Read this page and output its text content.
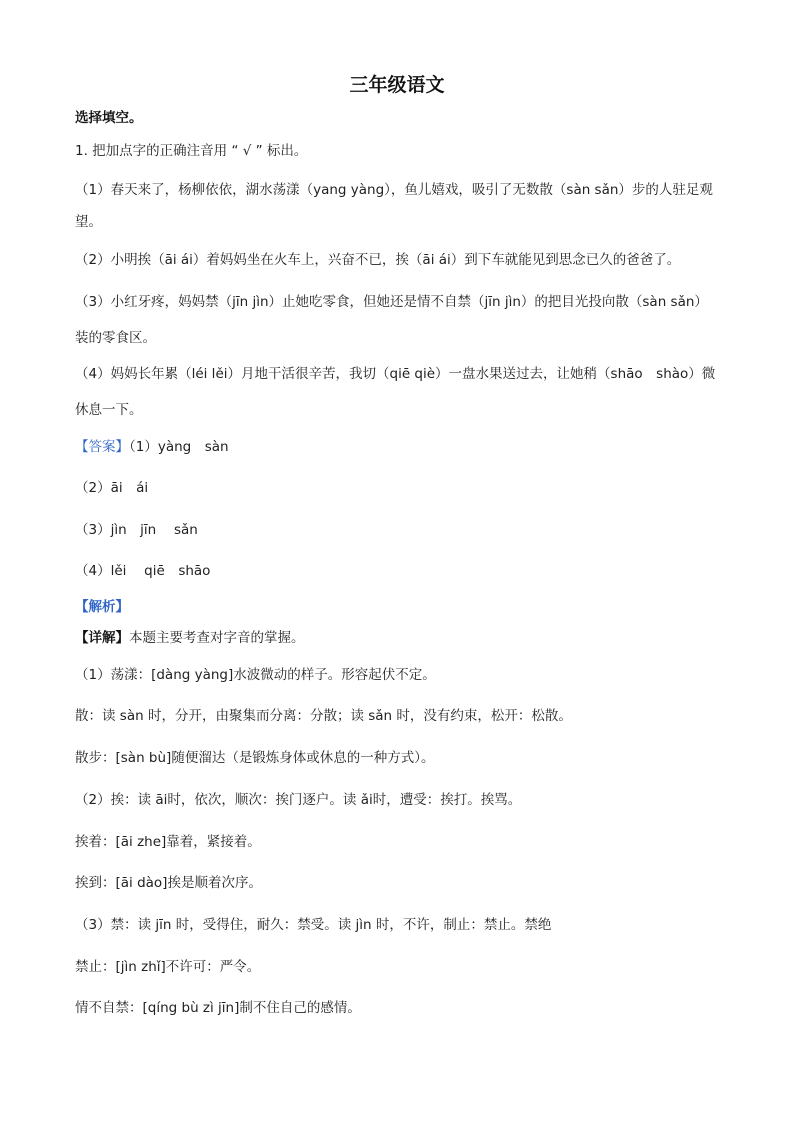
三年级语文
选择填空。
1. 把加点字的正确注音用 “ √ ” 标出。
（1）春天来了，杨柳依依，湖水荡漾（yang yàng），鱼儿嬉戏，吸引了无数散（sàn sǎn）步的人驻足观
望。
（2）小明挨（āi ái）着妈妈坐在火车上，兴奋不已，挨（āi ái）到下车就能见到思念已久的爸爸了。
（3）小红牙疼，妈妈禁（jīn jìn）止她吃零食，但她还是情不自禁（jīn jìn）的把目光投向散（sàn sǎn）
装的零食区。
（4）妈妈长年累（léi lěi）月地干活很辛苦，我切（qiē qiè）一盘水果送过去，让她稍（shāo　shào）微
休息一下。
【答案】（1）yàng　sàn
（2）āi　ái
（3）jìn　jīn　 sǎn
（4）lěi　 qiē　shāo
【解析】
【详解】本题主要考查对字音的掌握。
（1）荡漾：[dàng yàng]水波微动的样子。形容起伏不定。
散：读 sàn 时，分开，由聚集而分离：分散；读 sǎn 时，没有约束，松开：松散。
散步：[sàn bù]随便溜达（是锻炼身体或休息的一种方式）。
（2）挨：读 āi时，依次，顺次：挨门逐户。读 ǎi时，遭受：挨打。挨骂。
挨着：[āi zhe]靠着，紧接着。
挨到：[āi dào]挨是顺着次序。
（3）禁：读 jīn 时，受得住，耐久：禁受。读 jìn 时，不许，制止：禁止。禁绝
禁止：[jìn zhǐ]不许可：严令。
情不自禁：[qíng bù zì jīn]制不住自己的感情。
